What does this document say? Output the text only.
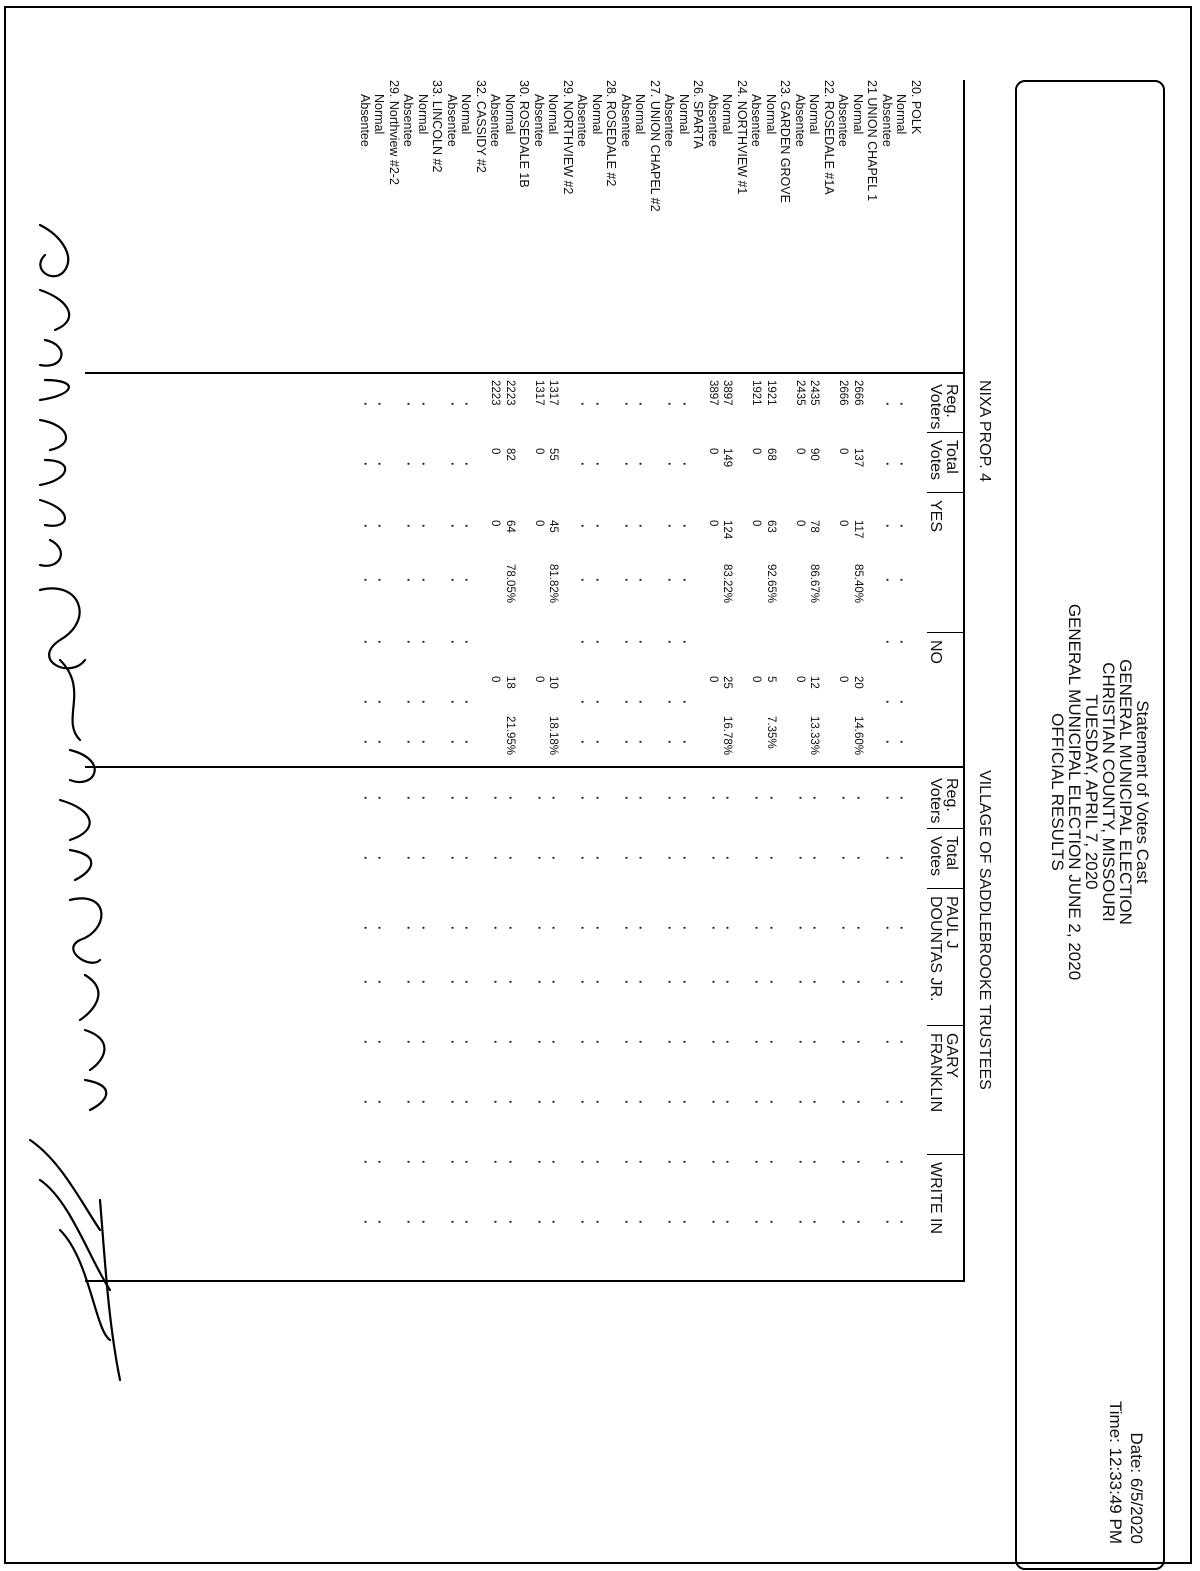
Statement of Votes Cast
GENERAL MUNICIPAL ELECTION
CHRISTIAN COUNTY, MISSOURI
TUESDAY, APRIL 7, 2020
GENERAL MUNICIPAL ELECTION JUNE 2, 2020
OFFICIAL RESULTS
Date: 6/5/2020
Time: 12:33:49 PM
NIXA PROP. 4
VILLAGE OF SADDLEBROOKE TRUSTEES
Reg.
Voters
Total
Votes
YES
NO
Reg.
Voters
Total
Votes
PAUL J
DOUNTAS JR.
GARY
FRANKLIN
WRITE IN
20. POLK
Normal
·
·
·
·
·
·
·
·
·
·
·
·
·
·
·
Absentee
·
·
·
·
·
·
·
·
·
·
·
·
·
·
·
21 UNION CHAPEL 1
Normal
2666
137
117
85.40%
20
14.60%
·
·
·
·
·
·
·
·
Absentee
2666
0
0
0
·
·
·
·
·
·
·
·
22. ROSEDALE #1A
Normal
2435
90
78
86.67%
12
13.33%
·
·
·
·
·
·
·
·
Absentee
2435
0
0
0
·
·
·
·
·
·
·
·
23. GARDEN GROVE
Normal
1921
68
63
92.65%
5
7.35%
·
·
·
·
·
·
·
·
Absentee
1921
0
0
0
·
·
·
·
·
·
·
·
24. NORTHVIEW #1
Normal
3897
149
124
83.22%
25
16.78%
·
·
·
·
·
·
·
·
Absentee
3897
0
0
0
·
·
·
·
·
·
·
·
26. SPARTA
Normal
·
·
·
·
·
·
·
·
·
·
·
·
·
·
·
Absentee
·
·
·
·
·
·
·
·
·
·
·
·
·
·
·
27. UNION CHAPEL #2
Normal
·
·
·
·
·
·
·
·
·
·
·
·
·
·
·
Absentee
·
·
·
·
·
·
·
·
·
·
·
·
·
·
·
28. ROSEDALE #2
Normal
·
·
·
·
·
·
·
·
·
·
·
·
·
·
·
Absentee
·
·
·
·
·
·
·
·
·
·
·
·
·
·
·
29. NORTHVIEW #2
Normal
1317
55
45
81.82%
10
18.18%
·
·
·
·
·
·
·
·
Absentee
1317
0
0
0
·
·
·
·
·
·
·
·
30. ROSEDALE 1B
Normal
2223
82
64
78.05%
18
21.95%
·
·
·
·
·
·
·
·
Absentee
2223
0
0
0
·
·
·
·
·
·
·
·
32. CASSIDY #2
Normal
·
·
·
·
·
·
·
·
·
·
·
·
·
·
·
Absentee
·
·
·
·
·
·
·
·
·
·
·
·
·
·
·
33. LINCOLN #2
Normal
·
·
·
·
·
·
·
·
·
·
·
·
·
·
·
Absentee
·
·
·
·
·
·
·
·
·
·
·
·
·
·
·
29. Northview #2-2
Normal
·
·
·
·
·
·
·
·
·
·
·
·
·
·
·
Absentee
·
·
·
·
·
·
·
·
·
·
·
·
·
·
·
